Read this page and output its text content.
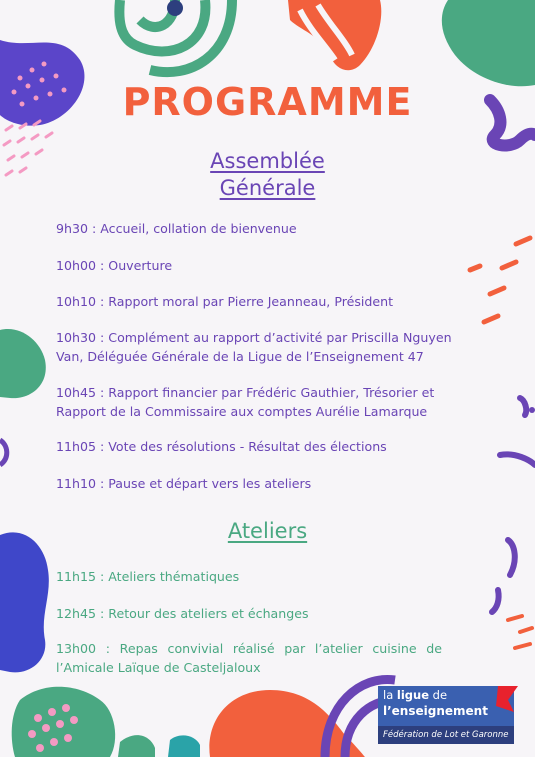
PROGRAMME
Assemblée
Générale
9h30 : Accueil, collation de bienvenue
10h00 : Ouverture
10h10 : Rapport moral par Pierre Jeanneau, Président
10h30 : Complément au rapport d’activité par Priscilla Nguyen Van, Déléguée Générale de la Ligue de l’Enseignement 47
10h45 : Rapport financier par Frédéric Gauthier, Trésorier et Rapport de la Commissaire aux comptes Aurélie Lamarque
11h05 : Vote des résolutions - Résultat des élections
11h10 : Pause et départ vers les ateliers
Ateliers
11h15 : Ateliers thématiques
12h45 : Retour des ateliers et échanges
13h00 : Repas convivial réalisé par l’atelier cuisine de l’Amicale Laïque de Casteljaloux
la ligue de
l’enseignement
Fédération de Lot et Garonne
